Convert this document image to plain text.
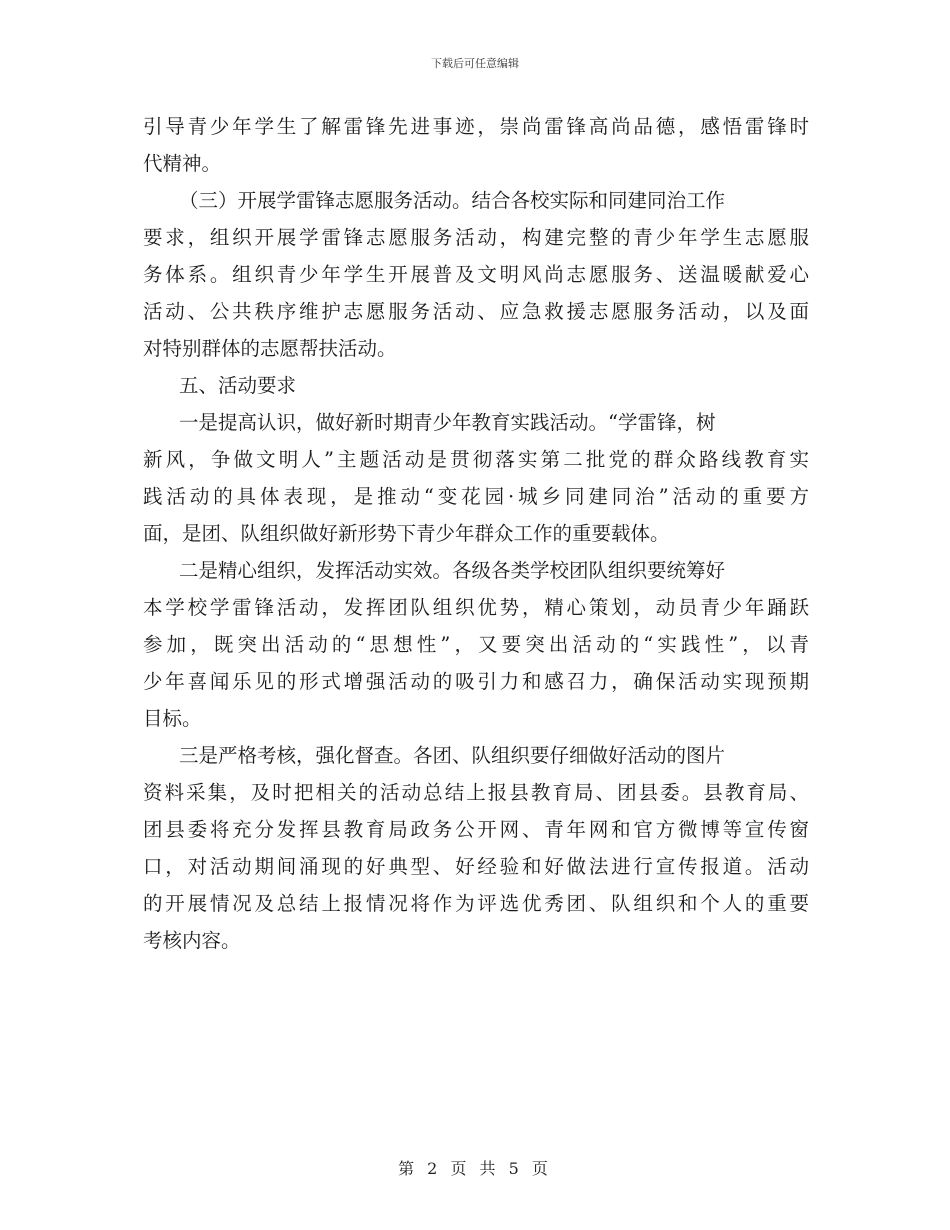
下载后可任意编辑
引导青少年学生了解雷锋先进事迹，崇尚雷锋高尚品德，感悟雷锋时
代精神。
（三）开展学雷锋志愿服务活动。结合各校实际和同建同治工作
要求，组织开展学雷锋志愿服务活动，构建完整的青少年学生志愿服
务体系。组织青少年学生开展普及文明风尚志愿服务、送温暖献爱心
活动、公共秩序维护志愿服务活动、应急救援志愿服务活动，以及面
对特别群体的志愿帮扶活动。
五、活动要求
一是提高认识，做好新时期青少年教育实践活动。“学雷锋，树
新风，争做文明人”主题活动是贯彻落实第二批党的群众路线教育实
践活动的具体表现，是推动“变花园·城乡同建同治”活动的重要方
面，是团、队组织做好新形势下青少年群众工作的重要载体。
二是精心组织，发挥活动实效。各级各类学校团队组织要统筹好
本学校学雷锋活动，发挥团队组织优势，精心策划，动员青少年踊跃
参加，既突出活动的“思想性”，又要突出活动的“实践性”，以青
少年喜闻乐见的形式增强活动的吸引力和感召力，确保活动实现预期
目标。
三是严格考核，强化督查。各团、队组织要仔细做好活动的图片
资料采集，及时把相关的活动总结上报县教育局、团县委。县教育局、
团县委将充分发挥县教育局政务公开网、青年网和官方微博等宣传窗
口，对活动期间涌现的好典型、好经验和好做法进行宣传报道。活动
的开展情况及总结上报情况将作为评选优秀团、队组织和个人的重要
考核内容。
第 2 页 共 5 页
